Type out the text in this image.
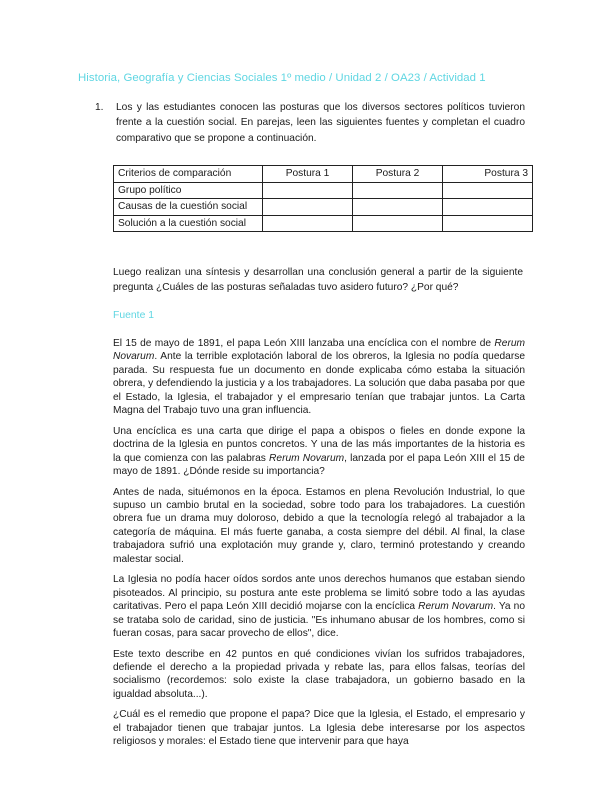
Historia, Geografía y Ciencias Sociales 1º medio / Unidad 2 / OA23 / Actividad 1
1. Los y las estudiantes conocen las posturas que los diversos sectores políticos tuvieron frente a la cuestión social. En parejas, leen las siguientes fuentes y completan el cuadro comparativo que se propone a continuación.
Criterios de comparación	Postura 1	Postura 2	Postura 3
Grupo político			
Causas de la cuestión social			
Solución a la cuestión social			
Luego realizan una síntesis y desarrollan una conclusión general a partir de la siguiente pregunta ¿Cuáles de las posturas señaladas tuvo asidero futuro? ¿Por qué?
Fuente 1

El 15 de mayo de 1891, el papa León XIII lanzaba una encíclica con el nombre de Rerum Novarum. Ante la terrible explotación laboral de los obreros, la Iglesia no podía quedarse parada. Su respuesta fue un documento en donde explicaba cómo estaba la situación obrera, y defendiendo la justicia y a los trabajadores. La solución que daba pasaba por que el Estado, la Iglesia, el trabajador y el empresario tenían que trabajar juntos. La Carta Magna del Trabajo tuvo una gran influencia.

Una encíclica es una carta que dirige el papa a obispos o fieles en donde expone la doctrina de la Iglesia en puntos concretos. Y una de las más importantes de la historia es la que comienza con las palabras Rerum Novarum, lanzada por el papa León XIII el 15 de mayo de 1891. ¿Dónde reside su importancia?

Antes de nada, situémonos en la época. Estamos en plena Revolución Industrial, lo que supuso un cambio brutal en la sociedad, sobre todo para los trabajadores. La cuestión obrera fue un drama muy doloroso, debido a que la tecnología relegó al trabajador a la categoría de máquina. El más fuerte ganaba, a costa siempre del débil. Al final, la clase trabajadora sufrió una explotación muy grande y, claro, terminó protestando y creando malestar social.

La Iglesia no podía hacer oídos sordos ante unos derechos humanos que estaban siendo pisoteados. Al principio, su postura ante este problema se limitó sobre todo a las ayudas caritativas. Pero el papa León XIII decidió mojarse con la encíclica Rerum Novarum. Ya no se trataba solo de caridad, sino de justicia. "Es inhumano abusar de los hombres, como si fueran cosas, para sacar provecho de ellos", dice.

Este texto describe en 42 puntos en qué condiciones vivían los sufridos trabajadores, defiende el derecho a la propiedad privada y rebate las, para ellos falsas, teorías del socialismo (recordemos: solo existe la clase trabajadora, un gobierno basado en la igualdad absoluta...).

¿Cuál es el remedio que propone el papa? Dice que la Iglesia, el Estado, el empresario y el trabajador tienen que trabajar juntos. La Iglesia debe interesarse por los aspectos religiosos y morales: el Estado tiene que intervenir para que haya
